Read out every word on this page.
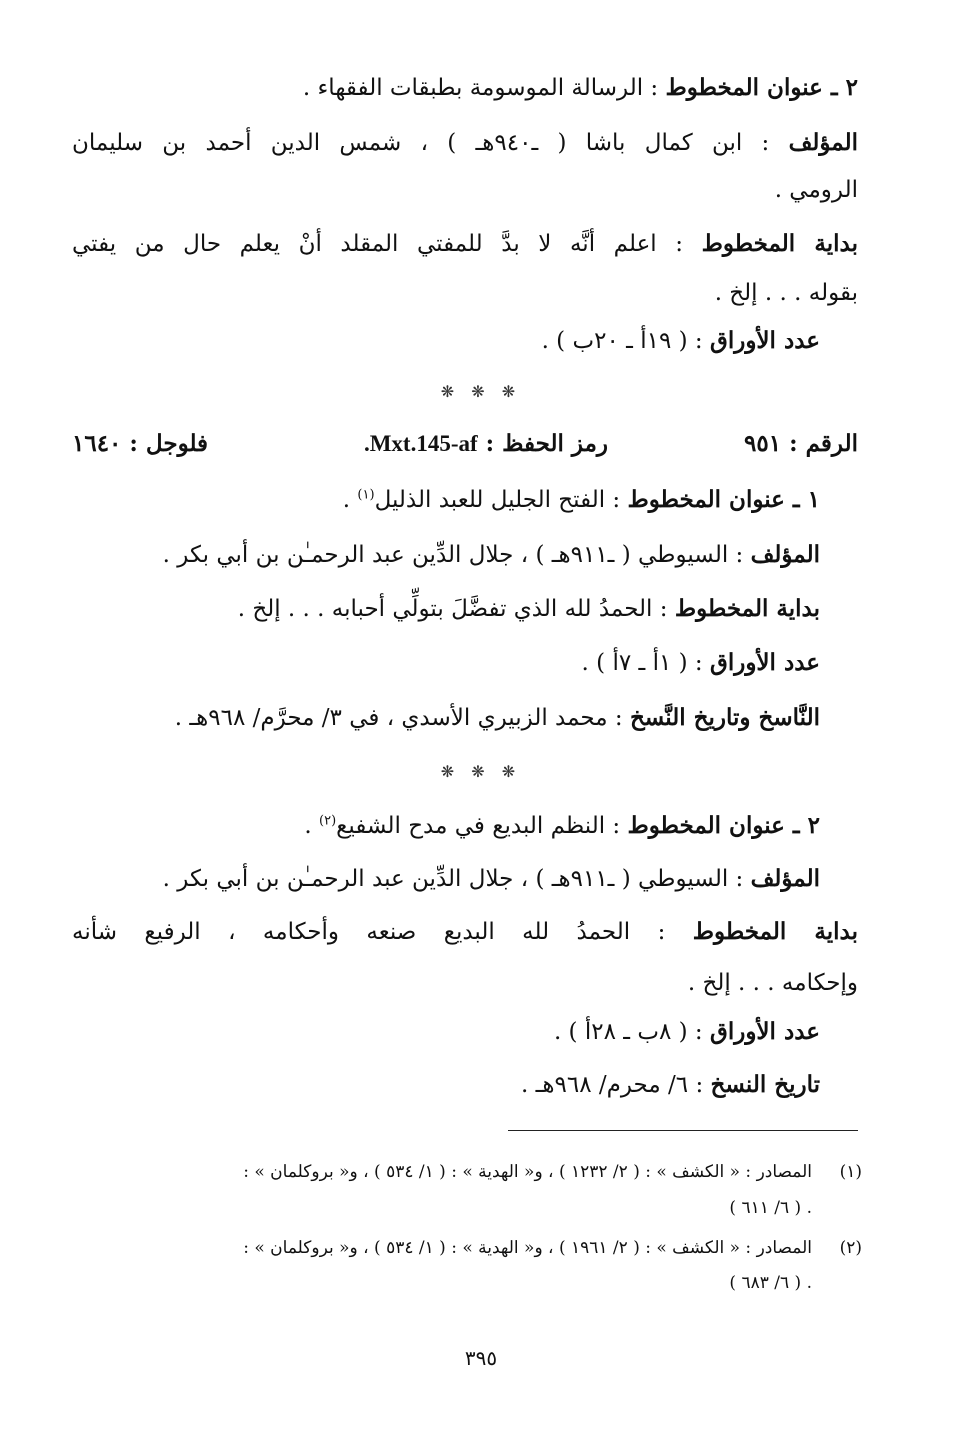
٢ ـ عنوان المخطوط : الرسالة الموسومة بطبقات الفقهاء .
المؤلف : ابن كمال باشا ( ـ٩٤٠هـ ) ، شمس الدين أحمد بن سليمان
الرومي .
بداية المخطوط : اعلم أنَّه لا بدَّ للمفتي المقلد أنْ يعلم حال من يفتي
بقوله . . . إلخ .
عدد الأوراق : ( ١٩أ ـ ٢٠ب ) .
❋ ❋ ❋
الرقم : ٩٥١
رمز الحفظ : Mxt.145-af.
فلوجل : ١٦٤٠
١ ـ عنوان المخطوط : الفتح الجليل للعبد الذليل$^{(١)}$ .
المؤلف : السيوطي ( ـ٩١١هـ ) ، جلال الدِّين عبد الرحمـٰن بن أبي بكر .
بداية المخطوط : الحمدُ لله الذي تفضَّلَ بتولِّي أحبابه . . . إلخ .
عدد الأوراق : ( ١أ ـ ٧أ ) .
النَّاسخ وتاريخ النَّسخ : محمد الزبيري الأسدي ، في ٣/ محرَّم/ ٩٦٨هـ .
❋ ❋ ❋
٢ ـ عنوان المخطوط : النظم البديع في مدح الشفيع$^{(٢)}$ .
المؤلف : السيوطي ( ـ٩١١هـ ) ، جلال الدِّين عبد الرحمـٰن بن أبي بكر .
بداية المخطوط : الحمدُ لله البديع صنعه وأحكامه ، الرفيع شأنه
وإحكامه . . . إلخ .
عدد الأوراق : ( ٨ب ـ ٢٨أ ) .
تاريخ النسخ : ٦/ محرم/ ٩٦٨هـ .
(١)
المصادر : « الكشف » : ( ٢/ ١٢٣٢ ) ، و« الهدية » : ( ١/ ٥٣٤ ) ، و« بروكلمان » :
( ٦/ ٦١١ ) .
(٢)
المصادر : « الكشف » : ( ٢/ ١٩٦١ ) ، و« الهدية » : ( ١/ ٥٣٤ ) ، و« بروكلمان » :
( ٦/ ٦٨٣ ) .
٣٩٥
